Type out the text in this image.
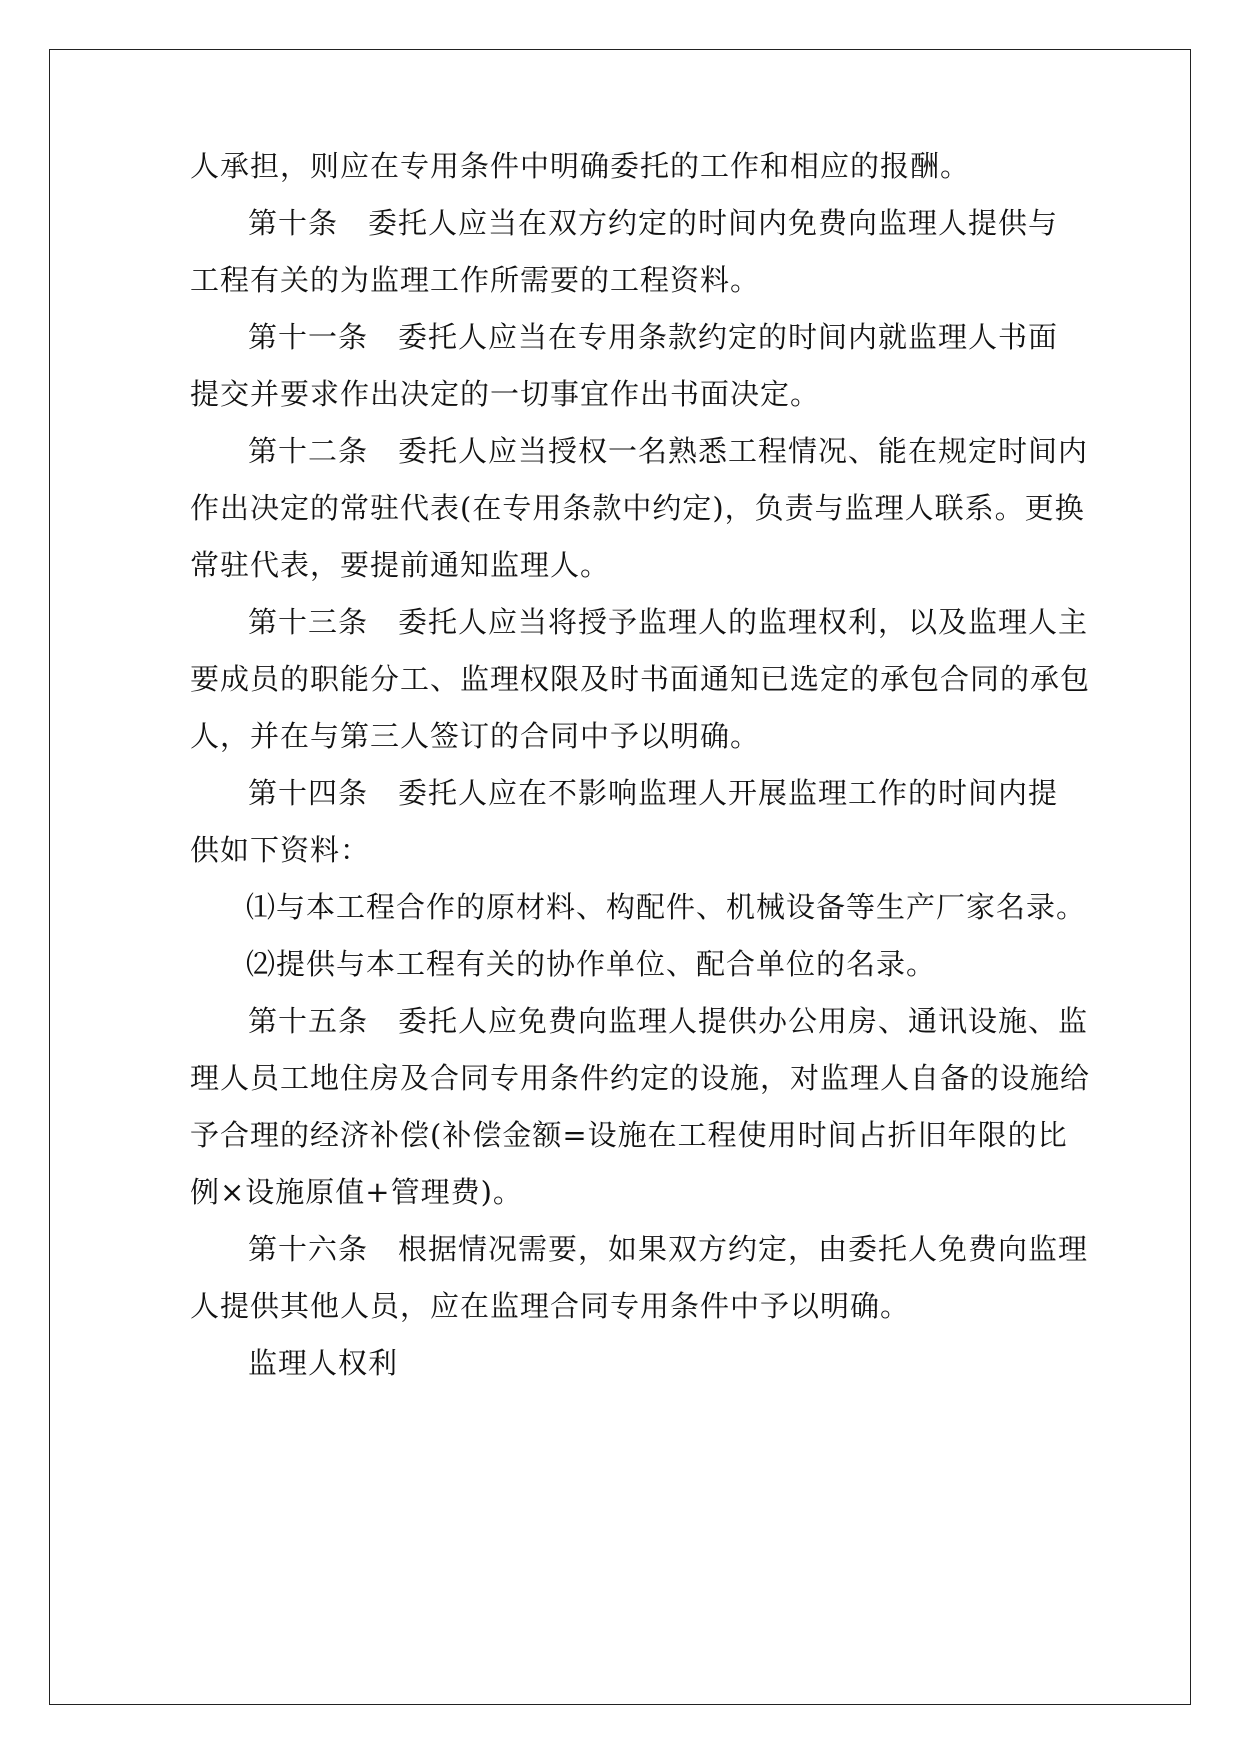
人承担，则应在专用条件中明确委托的工作和相应的报酬。
第十条　委托人应当在双方约定的时间内免费向监理人提供与
工程有关的为监理工作所需要的工程资料。
第十一条　委托人应当在专用条款约定的时间内就监理人书面
提交并要求作出决定的一切事宜作出书面决定。
第十二条　委托人应当授权一名熟悉工程情况、能在规定时间内
作出决定的常驻代表(在专用条款中约定)，负责与监理人联系。更换
常驻代表，要提前通知监理人。
第十三条　委托人应当将授予监理人的监理权利，以及监理人主
要成员的职能分工、监理权限及时书面通知已选定的承包合同的承包
人，并在与第三人签订的合同中予以明确。
第十四条　委托人应在不影响监理人开展监理工作的时间内提
供如下资料：
⑴与本工程合作的原材料、构配件、机械设备等生产厂家名录。
⑵提供与本工程有关的协作单位、配合单位的名录。
第十五条　委托人应免费向监理人提供办公用房、通讯设施、监
理人员工地住房及合同专用条件约定的设施，对监理人自备的设施给
予合理的经济补偿(补偿金额=设施在工程使用时间占折旧年限的比
例×设施原值+管理费)。
第十六条　根据情况需要，如果双方约定，由委托人免费向监理
人提供其他人员，应在监理合同专用条件中予以明确。
监理人权利
